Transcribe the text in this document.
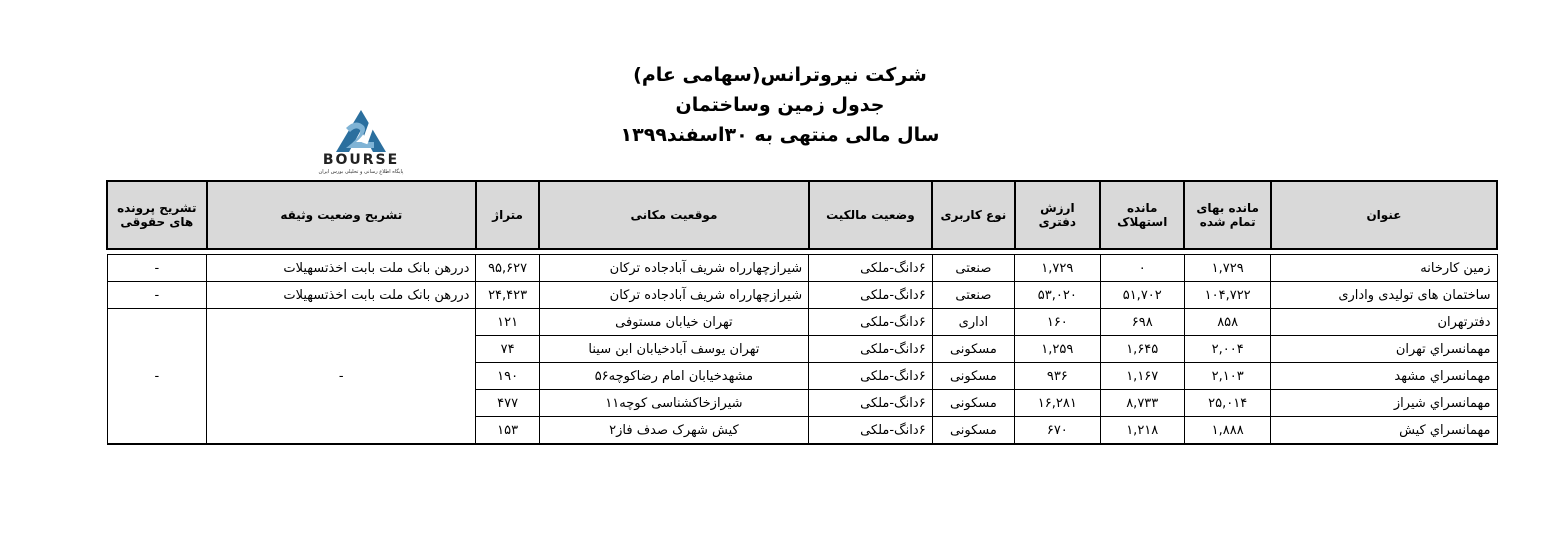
شرکت نیروترانس(سهامی عام)
جدول زمین وساختمان
سال مالی منتهی به ۳۰اسفند۱۳۹۹
BOURSE
پایگاه اطلاع رسانی و تحلیلی بورس ایران
عنوان	مانده بهای تمام شده	مانده استهلاک	ارزش دفتری	نوع کاربری	وضعیت مالکیت	موقعیت مکانی	متراژ	تشریح وضعیت وثیقه	تشریح پرونده های حقوقی

زمین کارخانه	۱,۷۲۹	۰	۱,۷۲۹	صنعتی	۶دانگ-ملکی	شیرازچهارراه شریف آبادجاده ترکان	۹۵,۶۲۷	دررهن بانک ملت بابت اخذتسهیلات	-
ساختمان های تولیدی واداری	۱۰۴,۷۲۲	۵۱,۷۰۲	۵۳,۰۲۰	صنعتی	۶دانگ-ملکی	شیرازچهارراه شریف آبادجاده ترکان	۲۴,۴۲۳	دررهن بانک ملت بابت اخذتسهیلات	-
دفترتهران	۸۵۸	۶۹۸	۱۶۰	اداری	۶دانگ-ملکی	تهران خیابان مستوفی	۱۲۱	-	-
مهمانسراي تهران	۲,۰۰۴	۱,۶۴۵	۱,۲۵۹	مسکونی	۶دانگ-ملکی	تهران یوسف آبادخیابان ابن سینا	۷۴		
مهمانسراي مشهد	۲,۱۰۳	۱,۱۶۷	۹۳۶	مسکونی	۶دانگ-ملکی	مشهدخیابان امام رضاکوچه۵۶	۱۹۰		
مهمانسراي شيراز	۲۵,۰۱۴	۸,۷۳۳	۱۶,۲۸۱	مسکونی	۶دانگ-ملکی	شیرازخاکشناسی کوچه۱۱	۴۷۷		
مهمانسراي کیش	۱,۸۸۸	۱,۲۱۸	۶۷۰	مسکونی	۶دانگ-ملکی	کیش شهرک صدف فاز۲	۱۵۳		
